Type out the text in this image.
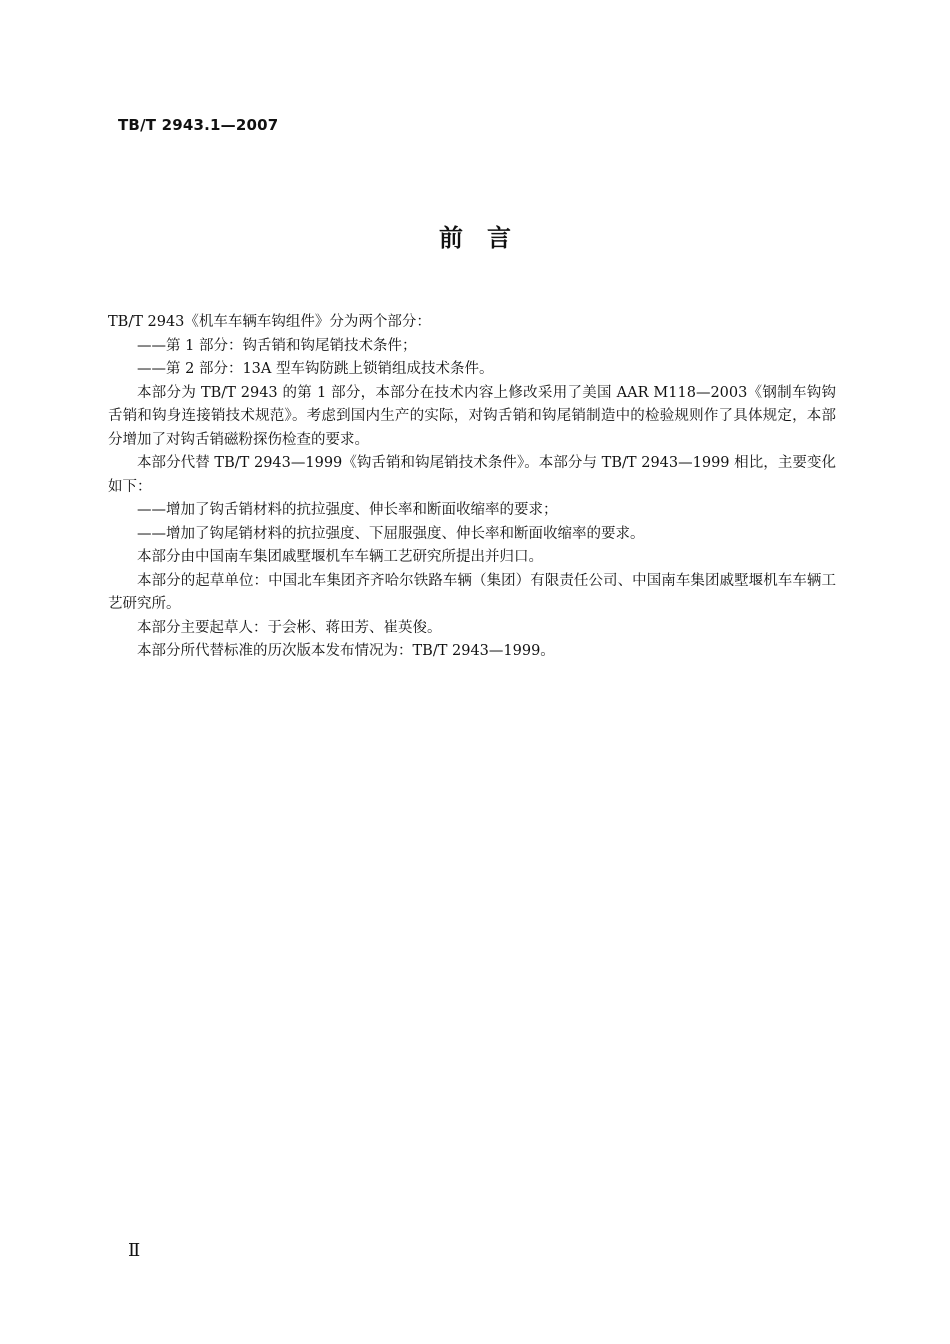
TB/T 2943.1—2007
前　言

TB/T 2943《机车车辆车钩组件》分为两个部分：

——第 1 部分：钩舌销和钩尾销技术条件；

——第 2 部分：13A 型车钩防跳上锁销组成技术条件。

本部分为 TB/T 2943 的第 1 部分，本部分在技术内容上修改采用了美国 AAR M118—2003《钢制车钩钩舌销和钩身连接销技术规范》。考虑到国内生产的实际，对钩舌销和钩尾销制造中的检验规则作了具体规定，本部分增加了对钩舌销磁粉探伤检查的要求。

本部分代替 TB/T 2943—1999《钩舌销和钩尾销技术条件》。本部分与 TB/T 2943—1999 相比，主要变化如下：

——增加了钩舌销材料的抗拉强度、伸长率和断面收缩率的要求；

——增加了钩尾销材料的抗拉强度、下屈服强度、伸长率和断面收缩率的要求。

本部分由中国南车集团戚墅堰机车车辆工艺研究所提出并归口。

本部分的起草单位：中国北车集团齐齐哈尔铁路车辆（集团）有限责任公司、中国南车集团戚墅堰机车车辆工艺研究所。

本部分主要起草人：于会彬、蒋田芳、崔英俊。

本部分所代替标准的历次版本发布情况为：TB/T 2943—1999。

Ⅱ
